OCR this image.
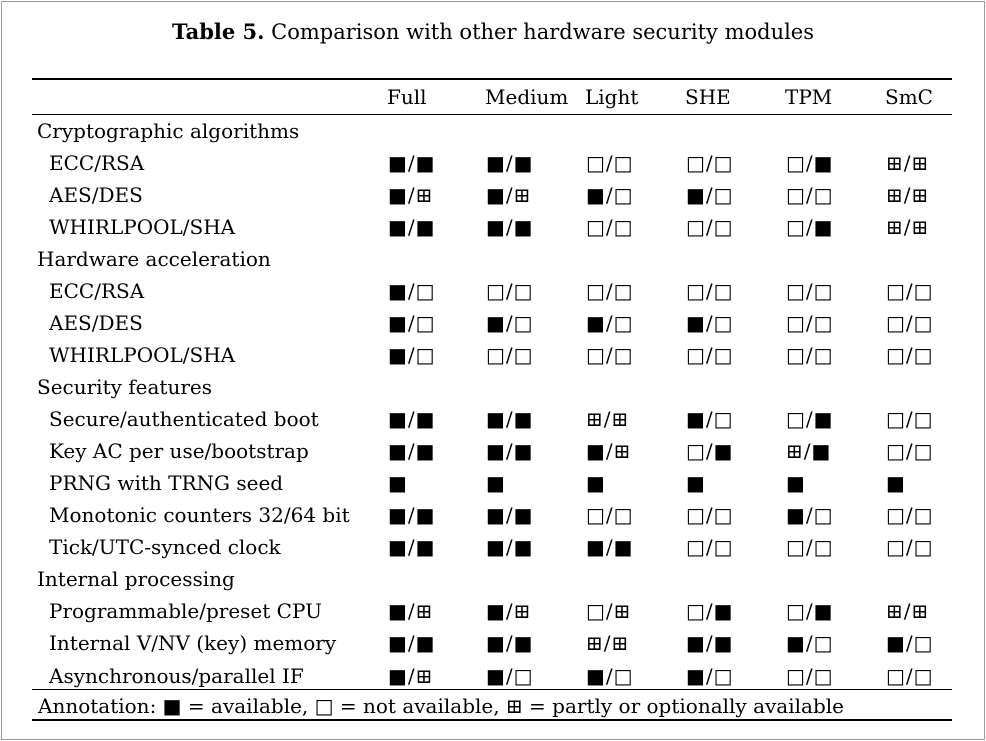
Table 5. Comparison with other hardware security modules
	Full	Medium	Light	SHE	TPM	SmC
Cryptographic algorithms						
ECC/RSA	■/■	■/■	□/□	□/□	□/■	⊞/⊞
AES/DES	■/⊞	■/⊞	■/□	■/□	□/□	⊞/⊞
WHIRLPOOL/SHA	■/■	■/■	□/□	□/□	□/■	⊞/⊞
Hardware acceleration						
ECC/RSA	■/□	□/□	□/□	□/□	□/□	□/□
AES/DES	■/□	■/□	■/□	■/□	□/□	□/□
WHIRLPOOL/SHA	■/□	□/□	□/□	□/□	□/□	□/□
Security features						
Secure/authenticated boot	■/■	■/■	⊞/⊞	■/□	□/■	□/□
Key AC per use/bootstrap	■/■	■/■	■/⊞	□/■	⊞/■	□/□
PRNG with TRNG seed	■	■	■	■	■	■
Monotonic counters 32/64 bit	■/■	■/■	□/□	□/□	■/□	□/□
Tick/UTC-synced clock	■/■	■/■	■/■	□/□	□/□	□/□
Internal processing						
Programmable/preset CPU	■/⊞	■/⊞	□/⊞	□/■	□/■	⊞/⊞
Internal V/NV (key) memory	■/■	■/■	⊞/⊞	■/■	■/□	■/□
Asynchronous/parallel IF	■/⊞	■/□	■/□	■/□	□/□	□/□
Annotation: ■ = available, □ = not available, ⊞ = partly or optionally available
